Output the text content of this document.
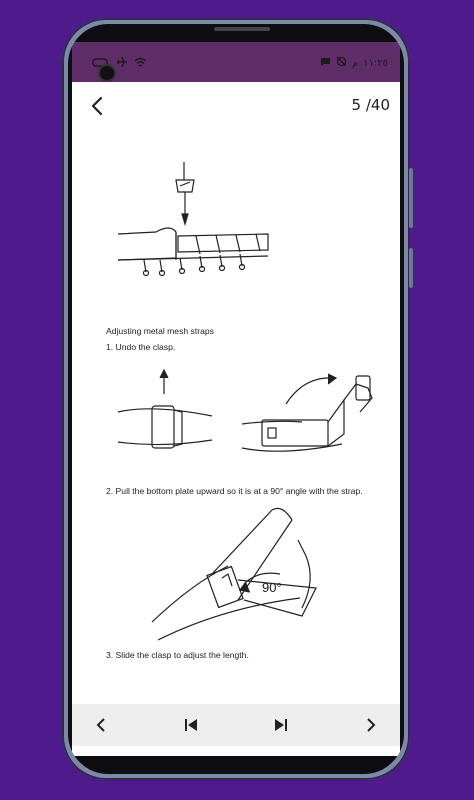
م ١١:٢٥
5 /40
Adjusting metal mesh straps
1. Undo the clasp.
2. Pull the bottom plate upward so it is at a 90° angle with the strap.
90°
3. Slide the clasp to adjust the length.
